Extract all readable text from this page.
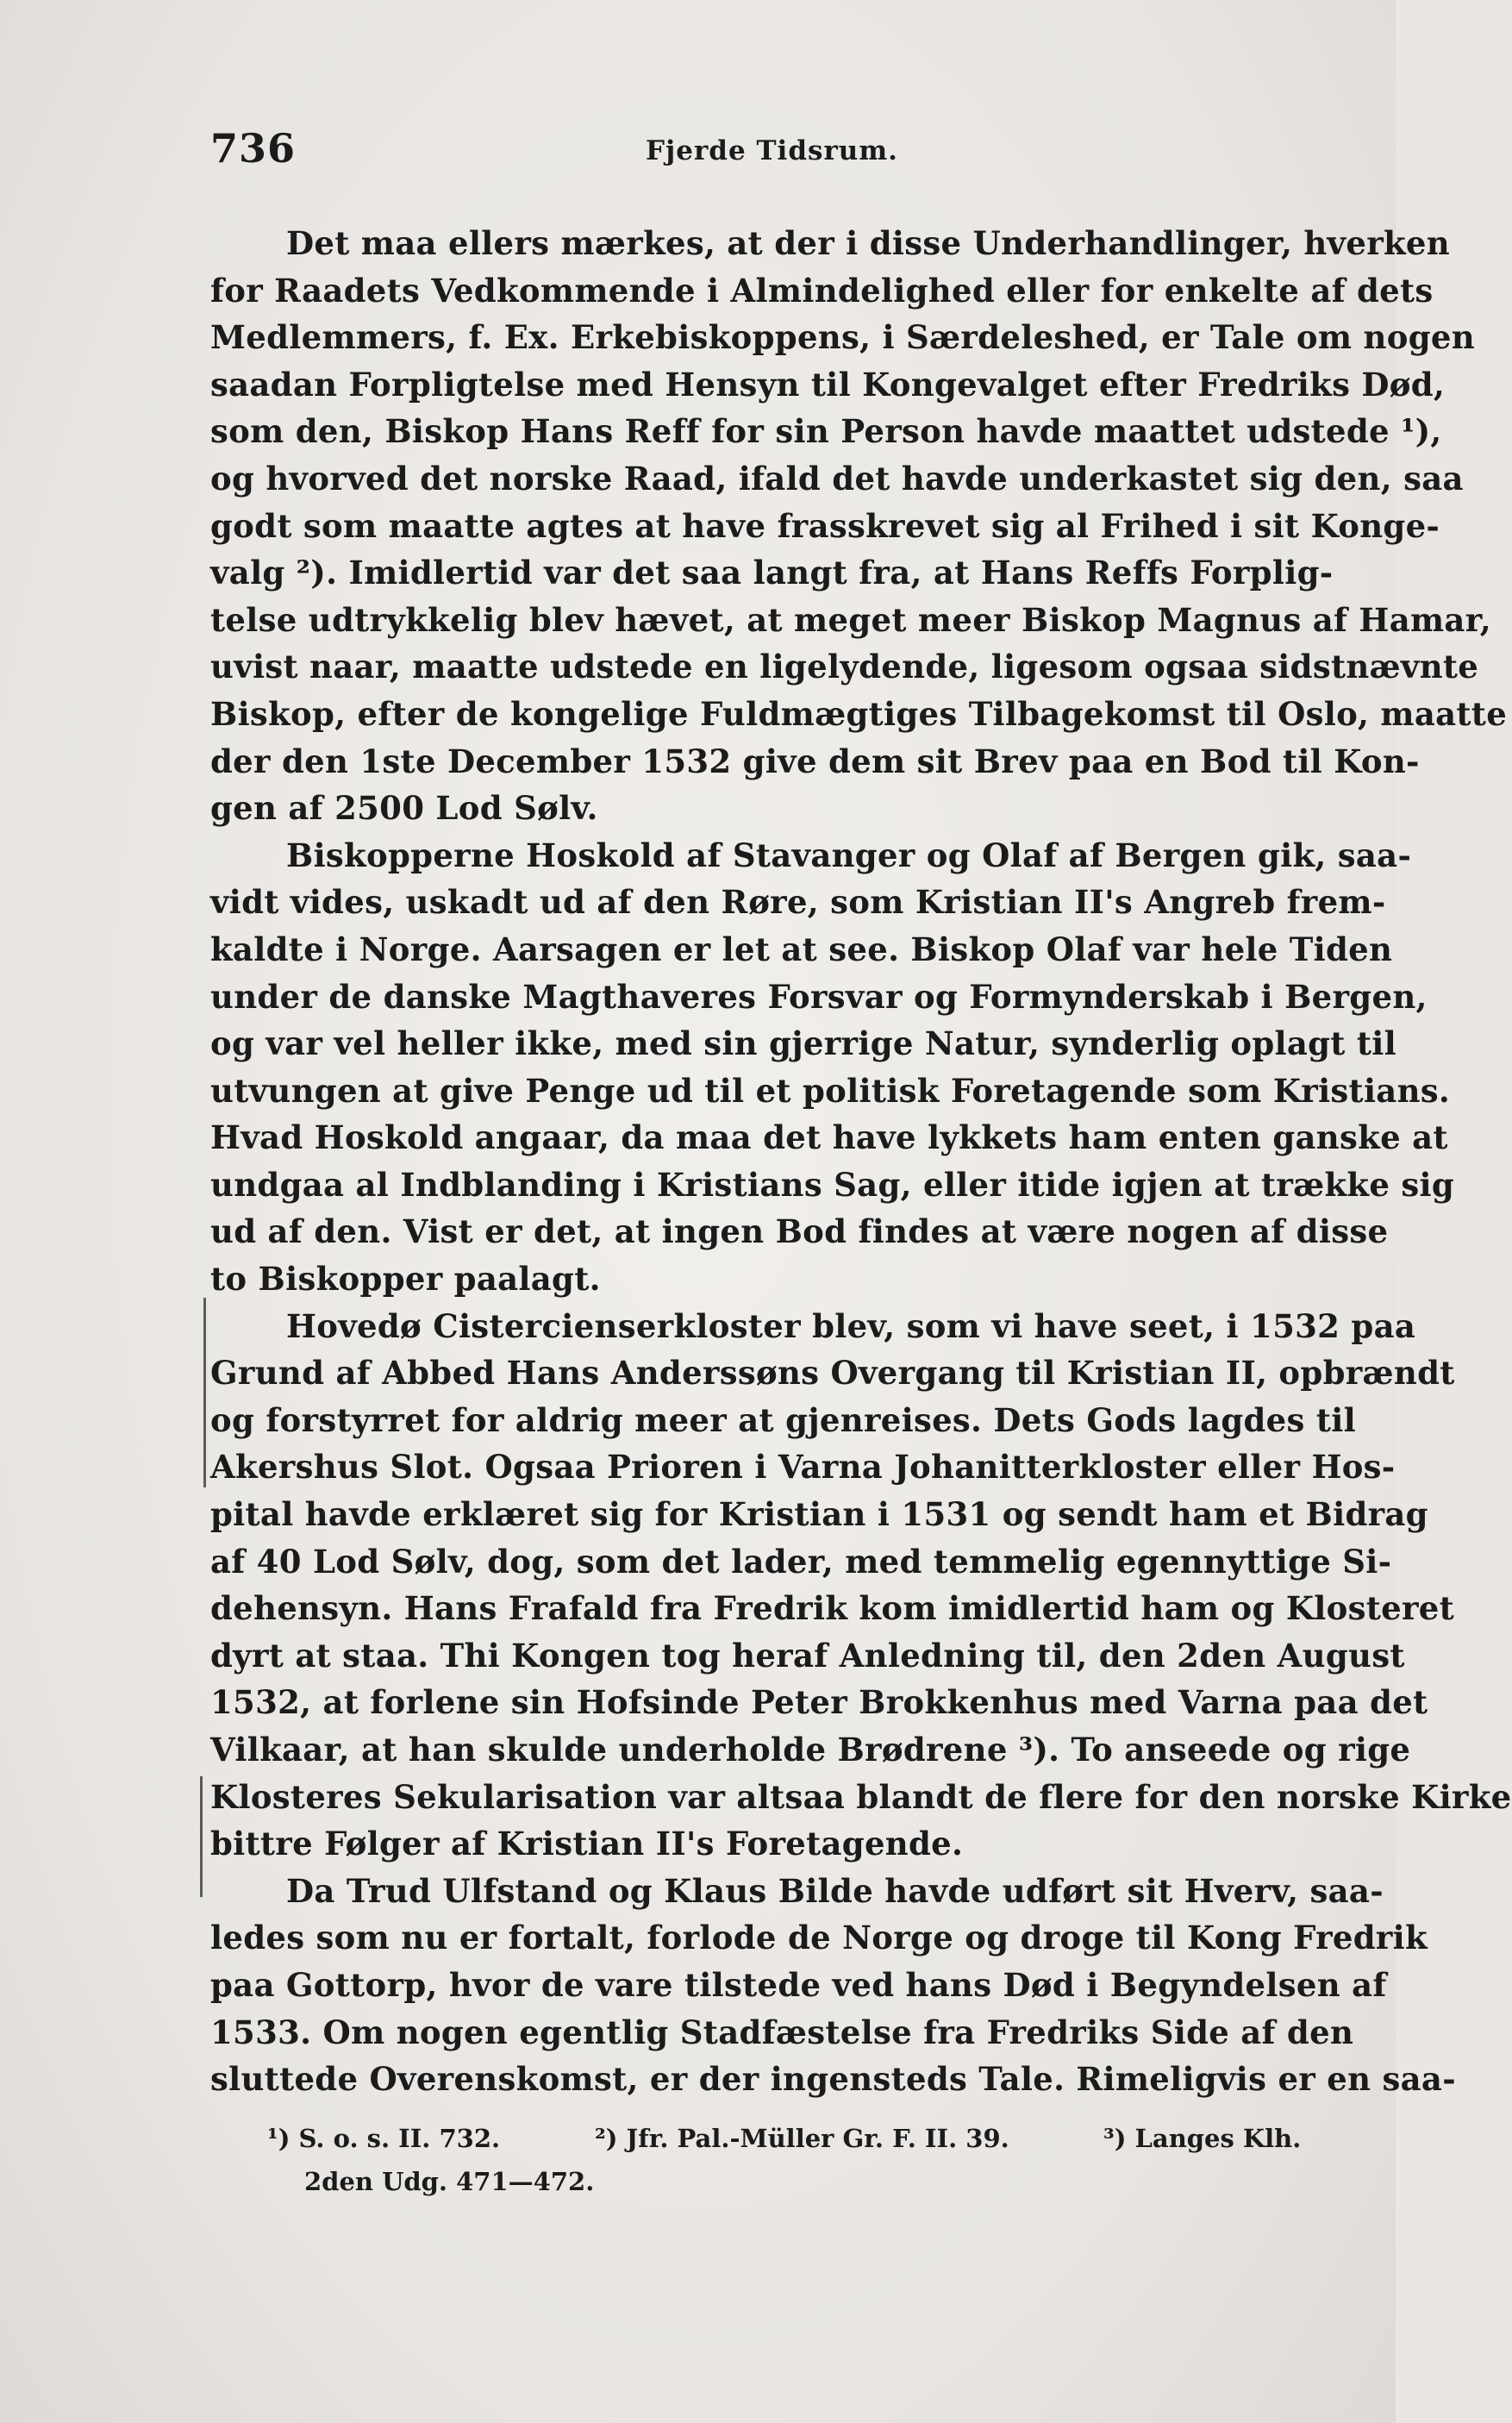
736	Fjerde Tidsrum.
Det maa ellers mærkes, at der i disse Underhandlinger, hverken
for Raadets Vedkommende i Almindelighed eller for enkelte af dets
Medlemmers, f. Ex. Erkebiskoppens, i Særdeleshed, er Tale om nogen
saadan Forpligtelse med Hensyn til Kongevalget efter Fredriks Død,
som den, Biskop Hans Reff for sin Person havde maattet udstede ¹),
og hvorved det norske Raad, ifald det havde underkastet sig den, saa
godt som maatte agtes at have frasskrevet sig al Frihed i sit Konge-
valg ²). Imidlertid var det saa langt fra, at Hans Reffs Forplig-
telse udtrykkelig blev hævet, at meget meer Biskop Magnus af Hamar,
uvist naar, maatte udstede en ligelydende, ligesom ogsaa sidstnævnte
Biskop, efter de kongelige Fuldmægtiges Tilbagekomst til Oslo, maatte
der den 1ste December 1532 give dem sit Brev paa en Bod til Kon-
gen af 2500 Lod Sølv.
Biskopperne Hoskold af Stavanger og Olaf af Bergen gik, saa-
vidt vides, uskadt ud af den Røre, som Kristian II's Angreb frem-
kaldte i Norge. Aarsagen er let at see. Biskop Olaf var hele Tiden
under de danske Magthaveres Forsvar og Formynderskab i Bergen,
og var vel heller ikke, med sin gjerrige Natur, synderlig oplagt til
utvungen at give Penge ud til et politisk Foretagende som Kristians.
Hvad Hoskold angaar, da maa det have lykkets ham enten ganske at
undgaa al Indblanding i Kristians Sag, eller itide igjen at trække sig
ud af den. Vist er det, at ingen Bod findes at være nogen af disse
to Biskopper paalagt.
Hovedø Cistercienserkloster blev, som vi have seet, i 1532 paa
Grund af Abbed Hans Anderssøns Overgang til Kristian II, opbrændt
og forstyrret for aldrig meer at gjenreises. Dets Gods lagdes til
Akershus Slot. Ogsaa Prioren i Varna Johanitterkloster eller Hos-
pital havde erklæret sig for Kristian i 1531 og sendt ham et Bidrag
af 40 Lod Sølv, dog, som det lader, med temmelig egennyttige Si-
dehensyn. Hans Frafald fra Fredrik kom imidlertid ham og Klosteret
dyrt at staa. Thi Kongen tog heraf Anledning til, den 2den August
1532, at forlene sin Hofsinde Peter Brokkenhus med Varna paa det
Vilkaar, at han skulde underholde Brødrene ³). To anseede og rige
Klosteres Sekularisation var altsaa blandt de flere for den norske Kirke
bittre Følger af Kristian II's Foretagende.
Da Trud Ulfstand og Klaus Bilde havde udført sit Hverv, saa-
ledes som nu er fortalt, forlode de Norge og droge til Kong Fredrik
paa Gottorp, hvor de vare tilstede ved hans Død i Begyndelsen af
1533. Om nogen egentlig Stadfæstelse fra Fredriks Side af den
sluttede Overenskomst, er der ingensteds Tale. Rimeligvis er en saa-
¹) S. o. s. II. 732.	²) Jfr. Pal.-Müller Gr. F. II. 39.	³) Langes Klh.
2den Udg. 471—472.
